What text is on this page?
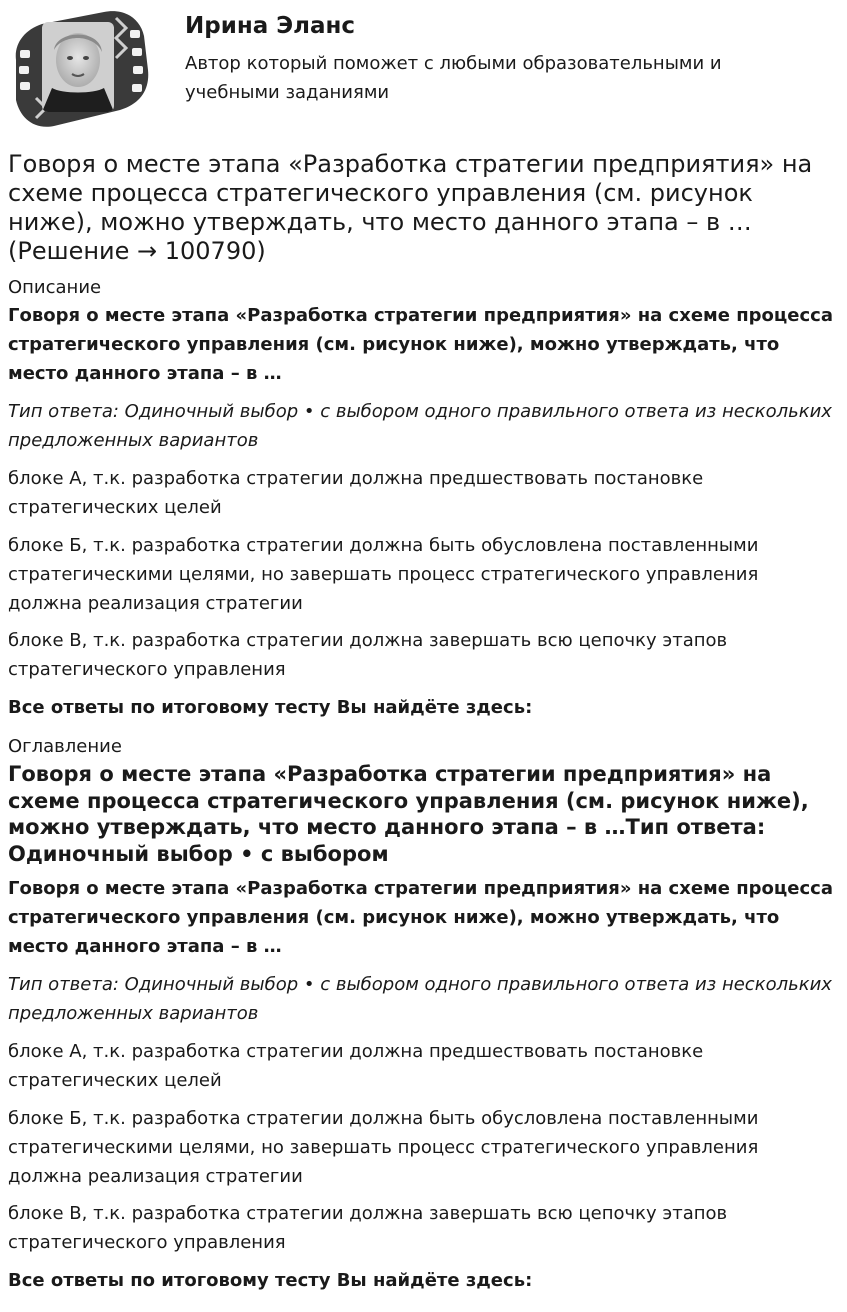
Ирина Эланс
Автор который поможет с любыми образовательными и учебными заданиями
Говоря о месте этапа «Разработка стратегии предприятия» на схеме процесса стратегического управления (см. рисунок ниже), можно утверждать, что место данного этапа – в … (Решение → 100790)
Описание

Говоря о месте этапа «Разработка стратегии предприятия» на схеме процесса стратегического управления (см. рисунок ниже), можно утверждать, что место данного этапа – в …

Тип ответа: Одиночный выбор • с выбором одного правильного ответа из нескольких предложенных вариантов

блоке А, т.к. разработка стратегии должна предшествовать постановке стратегических целей

блоке Б, т.к. разработка стратегии должна быть обусловлена поставленными стратегическими целями, но завершать процесс стратегического управления должна реализация стратегии

блоке В, т.к. разработка стратегии должна завершать всю цепочку этапов стратегического управления

Все ответы по итоговому тесту Вы найдёте здесь:

Оглавление
Говоря о месте этапа «Разработка стратегии предприятия» на схеме процесса стратегического управления (см. рисунок ниже), можно утверждать, что место данного этапа – в …Тип ответа: Одиночный выбор • с выбором

Говоря о месте этапа «Разработка стратегии предприятия» на схеме процесса стратегического управления (см. рисунок ниже), можно утверждать, что место данного этапа – в …

Тип ответа: Одиночный выбор • с выбором одного правильного ответа из нескольких предложенных вариантов

блоке А, т.к. разработка стратегии должна предшествовать постановке стратегических целей

блоке Б, т.к. разработка стратегии должна быть обусловлена поставленными стратегическими целями, но завершать процесс стратегического управления должна реализация стратегии

блоке В, т.к. разработка стратегии должна завершать всю цепочку этапов стратегического управления

Все ответы по итоговому тесту Вы найдёте здесь:
